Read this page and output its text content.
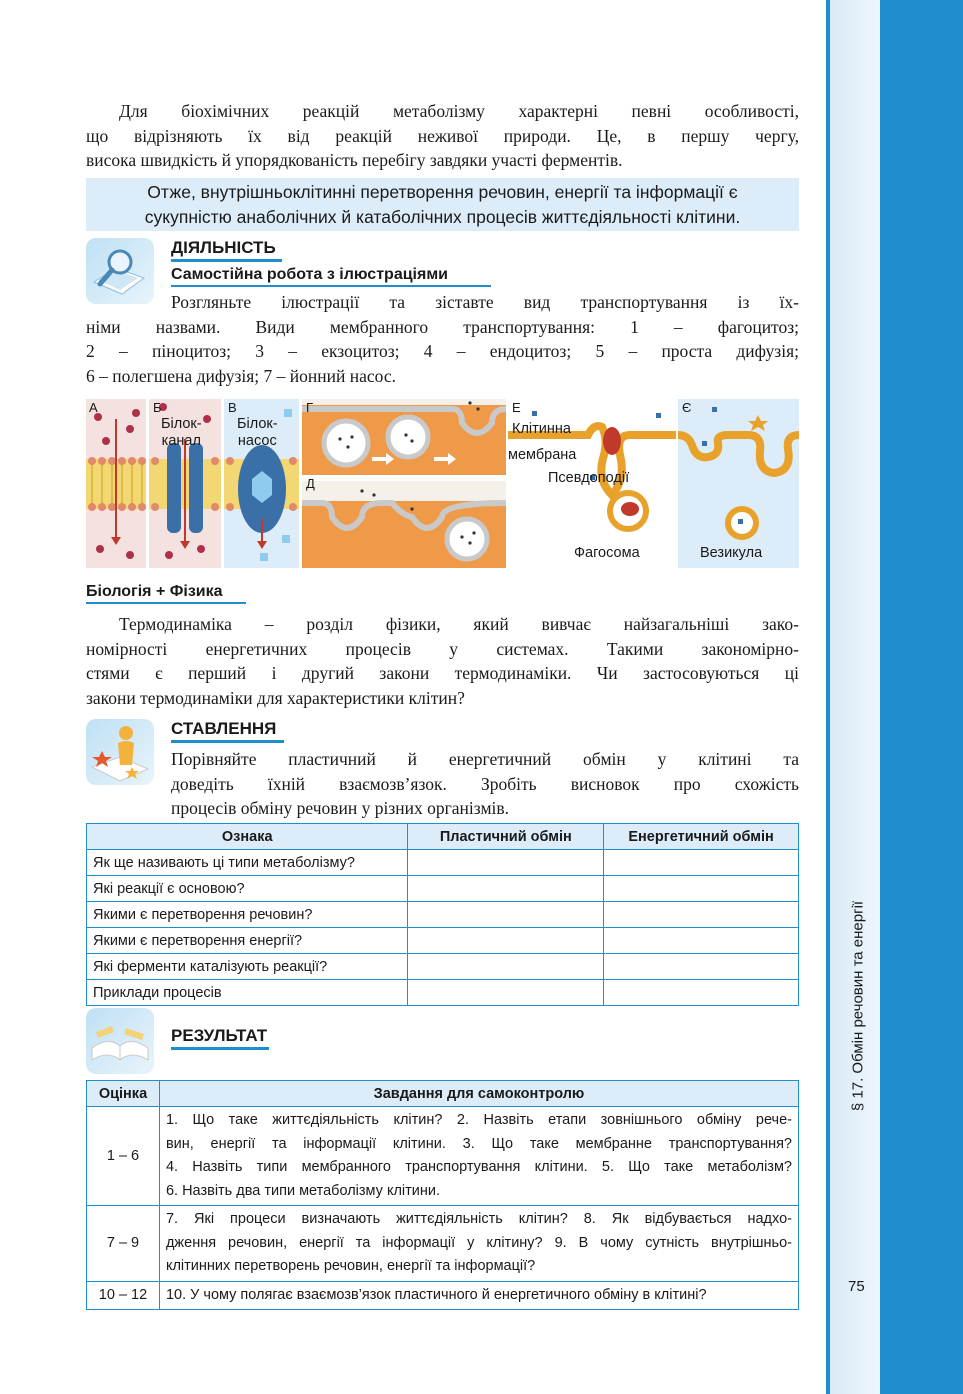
§ 17. Обмін речовин та енергії
75
Для біохімічних реакцій метаболізму характерні певні особливості,
що відрізняють їх від реакцій неживої природи. Це, в першу чергу,
висока швидкість й упорядкованість перебігу завдяки участі ферментів.
Отже, внутрішньоклітинні перетворення речовин, енергії та інформації є
сукупністю анаболічних й катаболічних процесів життєдіяльності клітини.
ДІЯЛЬНІСТЬ
Самостійна робота з ілюстраціями
Розгляньте ілюстрації та зіставте вид транспортування із їх-
німи назвами. Види мембранного транспортування: 1 – фагоцитоз;
2 – піноцитоз; 3 – екзоцитоз; 4 – ендоцитоз; 5 – проста дифузія;
6 – полегшена дифузія; 7 – йонний насос.
А	Б
Білок-
канал
В
Білок-
насос
Г
Д
Е
Клітинна
мембрана
Псевдоподії
Фагосома
Є
Везикула
Біологія + Фізика
Термодинаміка – розділ фізики, який вивчає найзагальніші зако-
номірності енергетичних процесів у системах. Такими закономірно-
стями є перший і другий закони термодинаміки. Чи застосовуються ці
закони термодинаміки для характеристики клітин?
СТАВЛЕННЯ
Порівняйте пластичний й енергетичний обмін у клітині та
доведіть їхній взаємозв’язок. Зробіть висновок про схожість
процесів обміну речовин у різних організмів.
Ознака	Пластичний обмін	Енергетичний обмін
Як ще називають ці типи метаболізму?		
Які реакції є основою?		
Якими є перетворення речовин?		
Якими є перетворення енергії?		
Які ферменти каталізують реакції?		
Приклади процесів		
РЕЗУЛЬТАТ
Оцінка	Завдання для самоконтролю
1 – 6	1. Що таке життєдіяльність клітин? 2. Назвіть етапи зовнішнього обміну рече-
вин, енергії та інформації клітини. 3. Що таке мембранне транспортування?
4. Назвіть типи мембранного транспортування клітини. 5. Що таке метаболізм?
6. Назвіть два типи метаболізму клітини.

7 – 9	7. Які процеси визначають життєдіяльність клітин? 8. Як відбувається надхо-
дження речовин, енергії та інформації у клітину? 9. В чому сутність внутрішньо-
клітинних перетворень речовин, енергії та інформації?

10 – 12	10. У чому полягає взаємозв’язок пластичного й енергетичного обміну в клітині?
